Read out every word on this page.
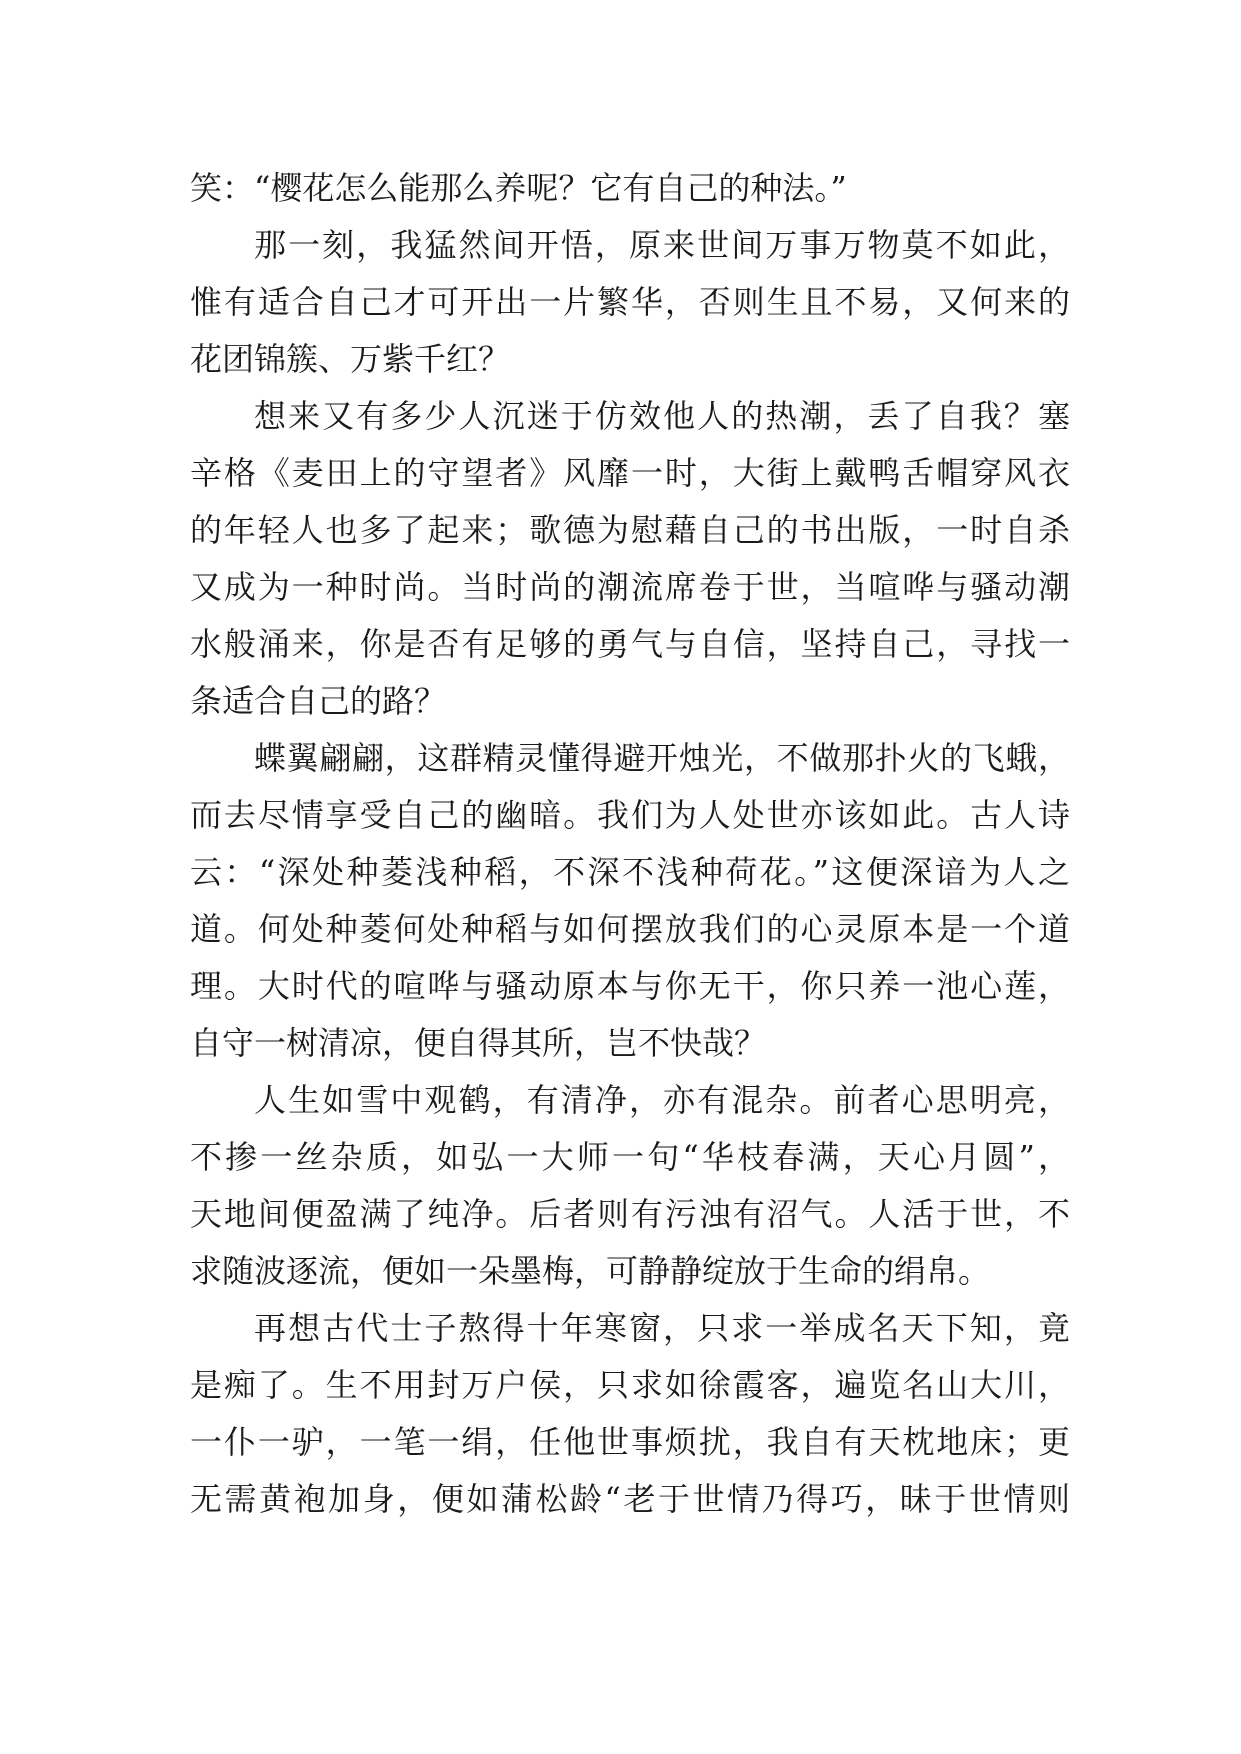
笑：“樱花怎么能那么养呢？它有自己的种法。”
那一刻，我猛然间开悟，原来世间万事万物莫不如此，
惟有适合自己才可开出一片繁华，否则生且不易，又何来的
花团锦簇、万紫千红？
想来又有多少人沉迷于仿效他人的热潮，丢了自我？塞
辛格《麦田上的守望者》风靡一时，大街上戴鸭舌帽穿风衣
的年轻人也多了起来；歌德为慰藉自己的书出版，一时自杀
又成为一种时尚。当时尚的潮流席卷于世，当喧哗与骚动潮
水般涌来，你是否有足够的勇气与自信，坚持自己，寻找一
条适合自己的路？
蝶翼翩翩，这群精灵懂得避开烛光，不做那扑火的飞蛾，
而去尽情享受自己的幽暗。我们为人处世亦该如此。古人诗
云：“深处种菱浅种稻，不深不浅种荷花。”这便深谙为人之
道。何处种菱何处种稻与如何摆放我们的心灵原本是一个道
理。大时代的喧哗与骚动原本与你无干，你只养一池心莲，
自守一树清凉，便自得其所，岂不快哉？
人生如雪中观鹤，有清净，亦有混杂。前者心思明亮，
不掺一丝杂质，如弘一大师一句“华枝春满，天心月圆”，
天地间便盈满了纯净。后者则有污浊有沼气。人活于世，不
求随波逐流，便如一朵墨梅，可静静绽放于生命的绢帛。
再想古代士子熬得十年寒窗，只求一举成名天下知，竟
是痴了。生不用封万户侯，只求如徐霞客，遍览名山大川，
一仆一驴，一笔一绢，任他世事烦扰，我自有天枕地床；更
无需黄袍加身，便如蒲松龄“老于世情乃得巧，昧于世情则
